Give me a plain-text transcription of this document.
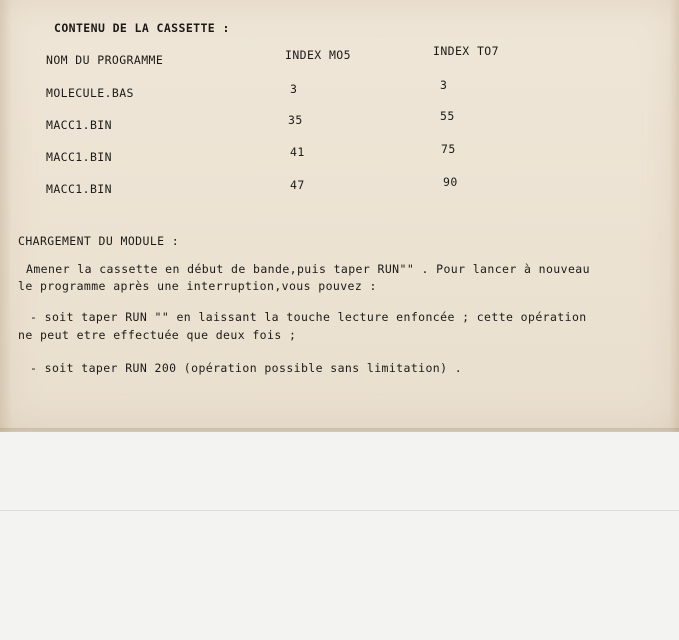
CONTENU DE LA CASSETTE :
NOM DU PROGRAMME	INDEX MO5	INDEX TO7
MOLECULE.BAS	3	3
MACC1.BIN	35	55
MACC1.BIN	41	75
MACC1.BIN	47	90
CHARGEMENT DU MODULE :
Amener la cassette en début de bande,puis taper RUN"" . Pour lancer à nouveau
le programme après une interruption,vous pouvez :
- soit taper RUN "" en laissant la touche lecture enfoncée ; cette opération
ne peut etre effectuée que deux fois ;
- soit taper RUN 200 (opération possible sans limitation) .
